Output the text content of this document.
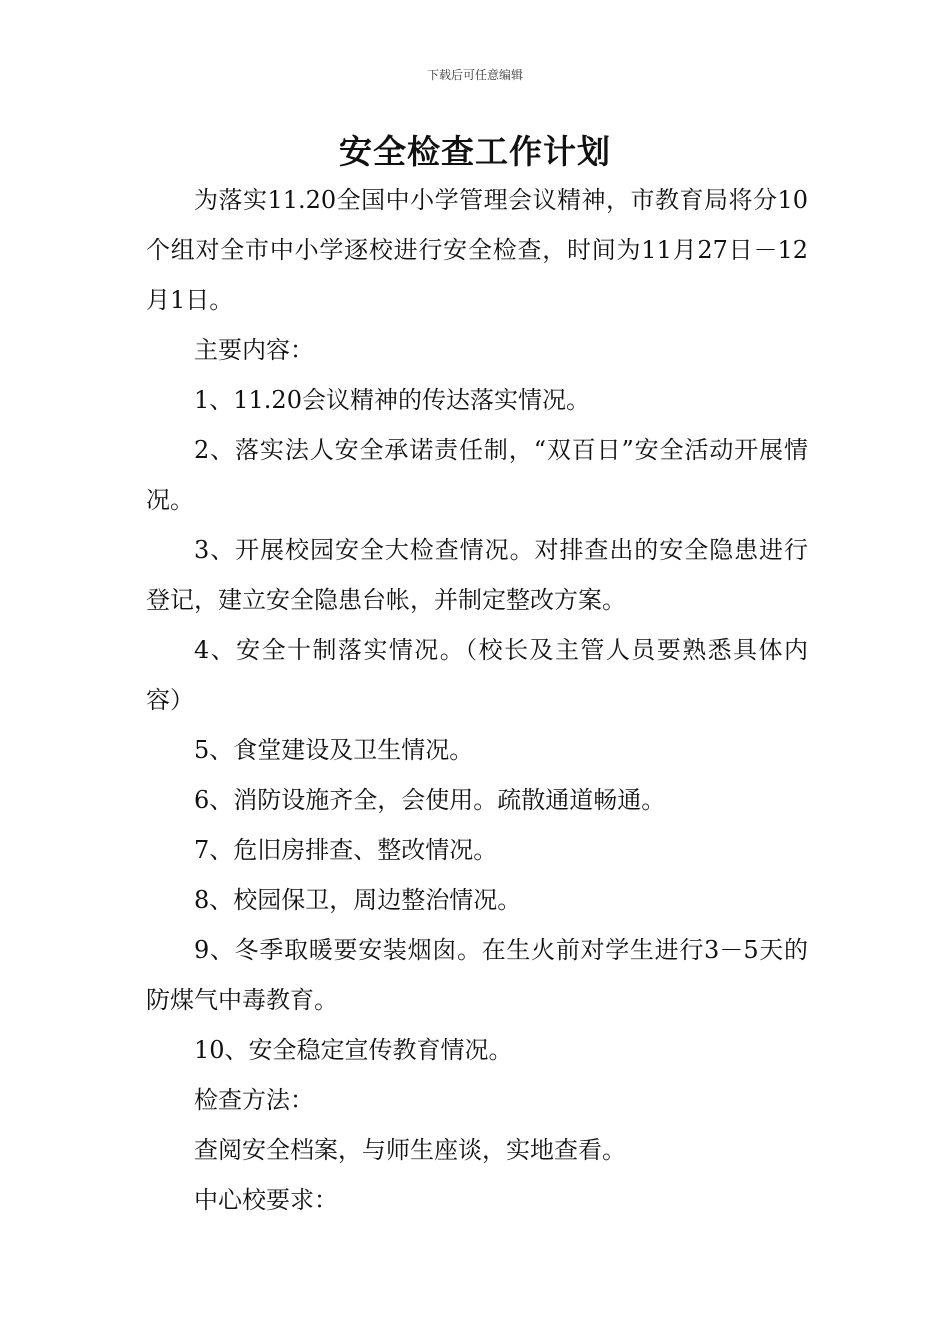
下载后可任意编辑
安全检查工作计划

为落实11.20全国中小学管理会议精神，市教育局将分10个组对全市中小学逐校进行安全检查，时间为11月27日－12月1日。

主要内容：

1、11.20会议精神的传达落实情况。

2、落实法人安全承诺责任制，“双百日”安全活动开展情况。

3、开展校园安全大检查情况。对排查出的安全隐患进行登记，建立安全隐患台帐，并制定整改方案。

4、安全十制落实情况。（校长及主管人员要熟悉具体内容）

5、食堂建设及卫生情况。

6、消防设施齐全，会使用。疏散通道畅通。

7、危旧房排查、整改情况。

8、校园保卫，周边整治情况。

9、冬季取暖要安装烟囱。在生火前对学生进行3－5天的防煤气中毒教育。

10、安全稳定宣传教育情况。

检查方法：

查阅安全档案，与师生座谈，实地查看。

中心校要求：
